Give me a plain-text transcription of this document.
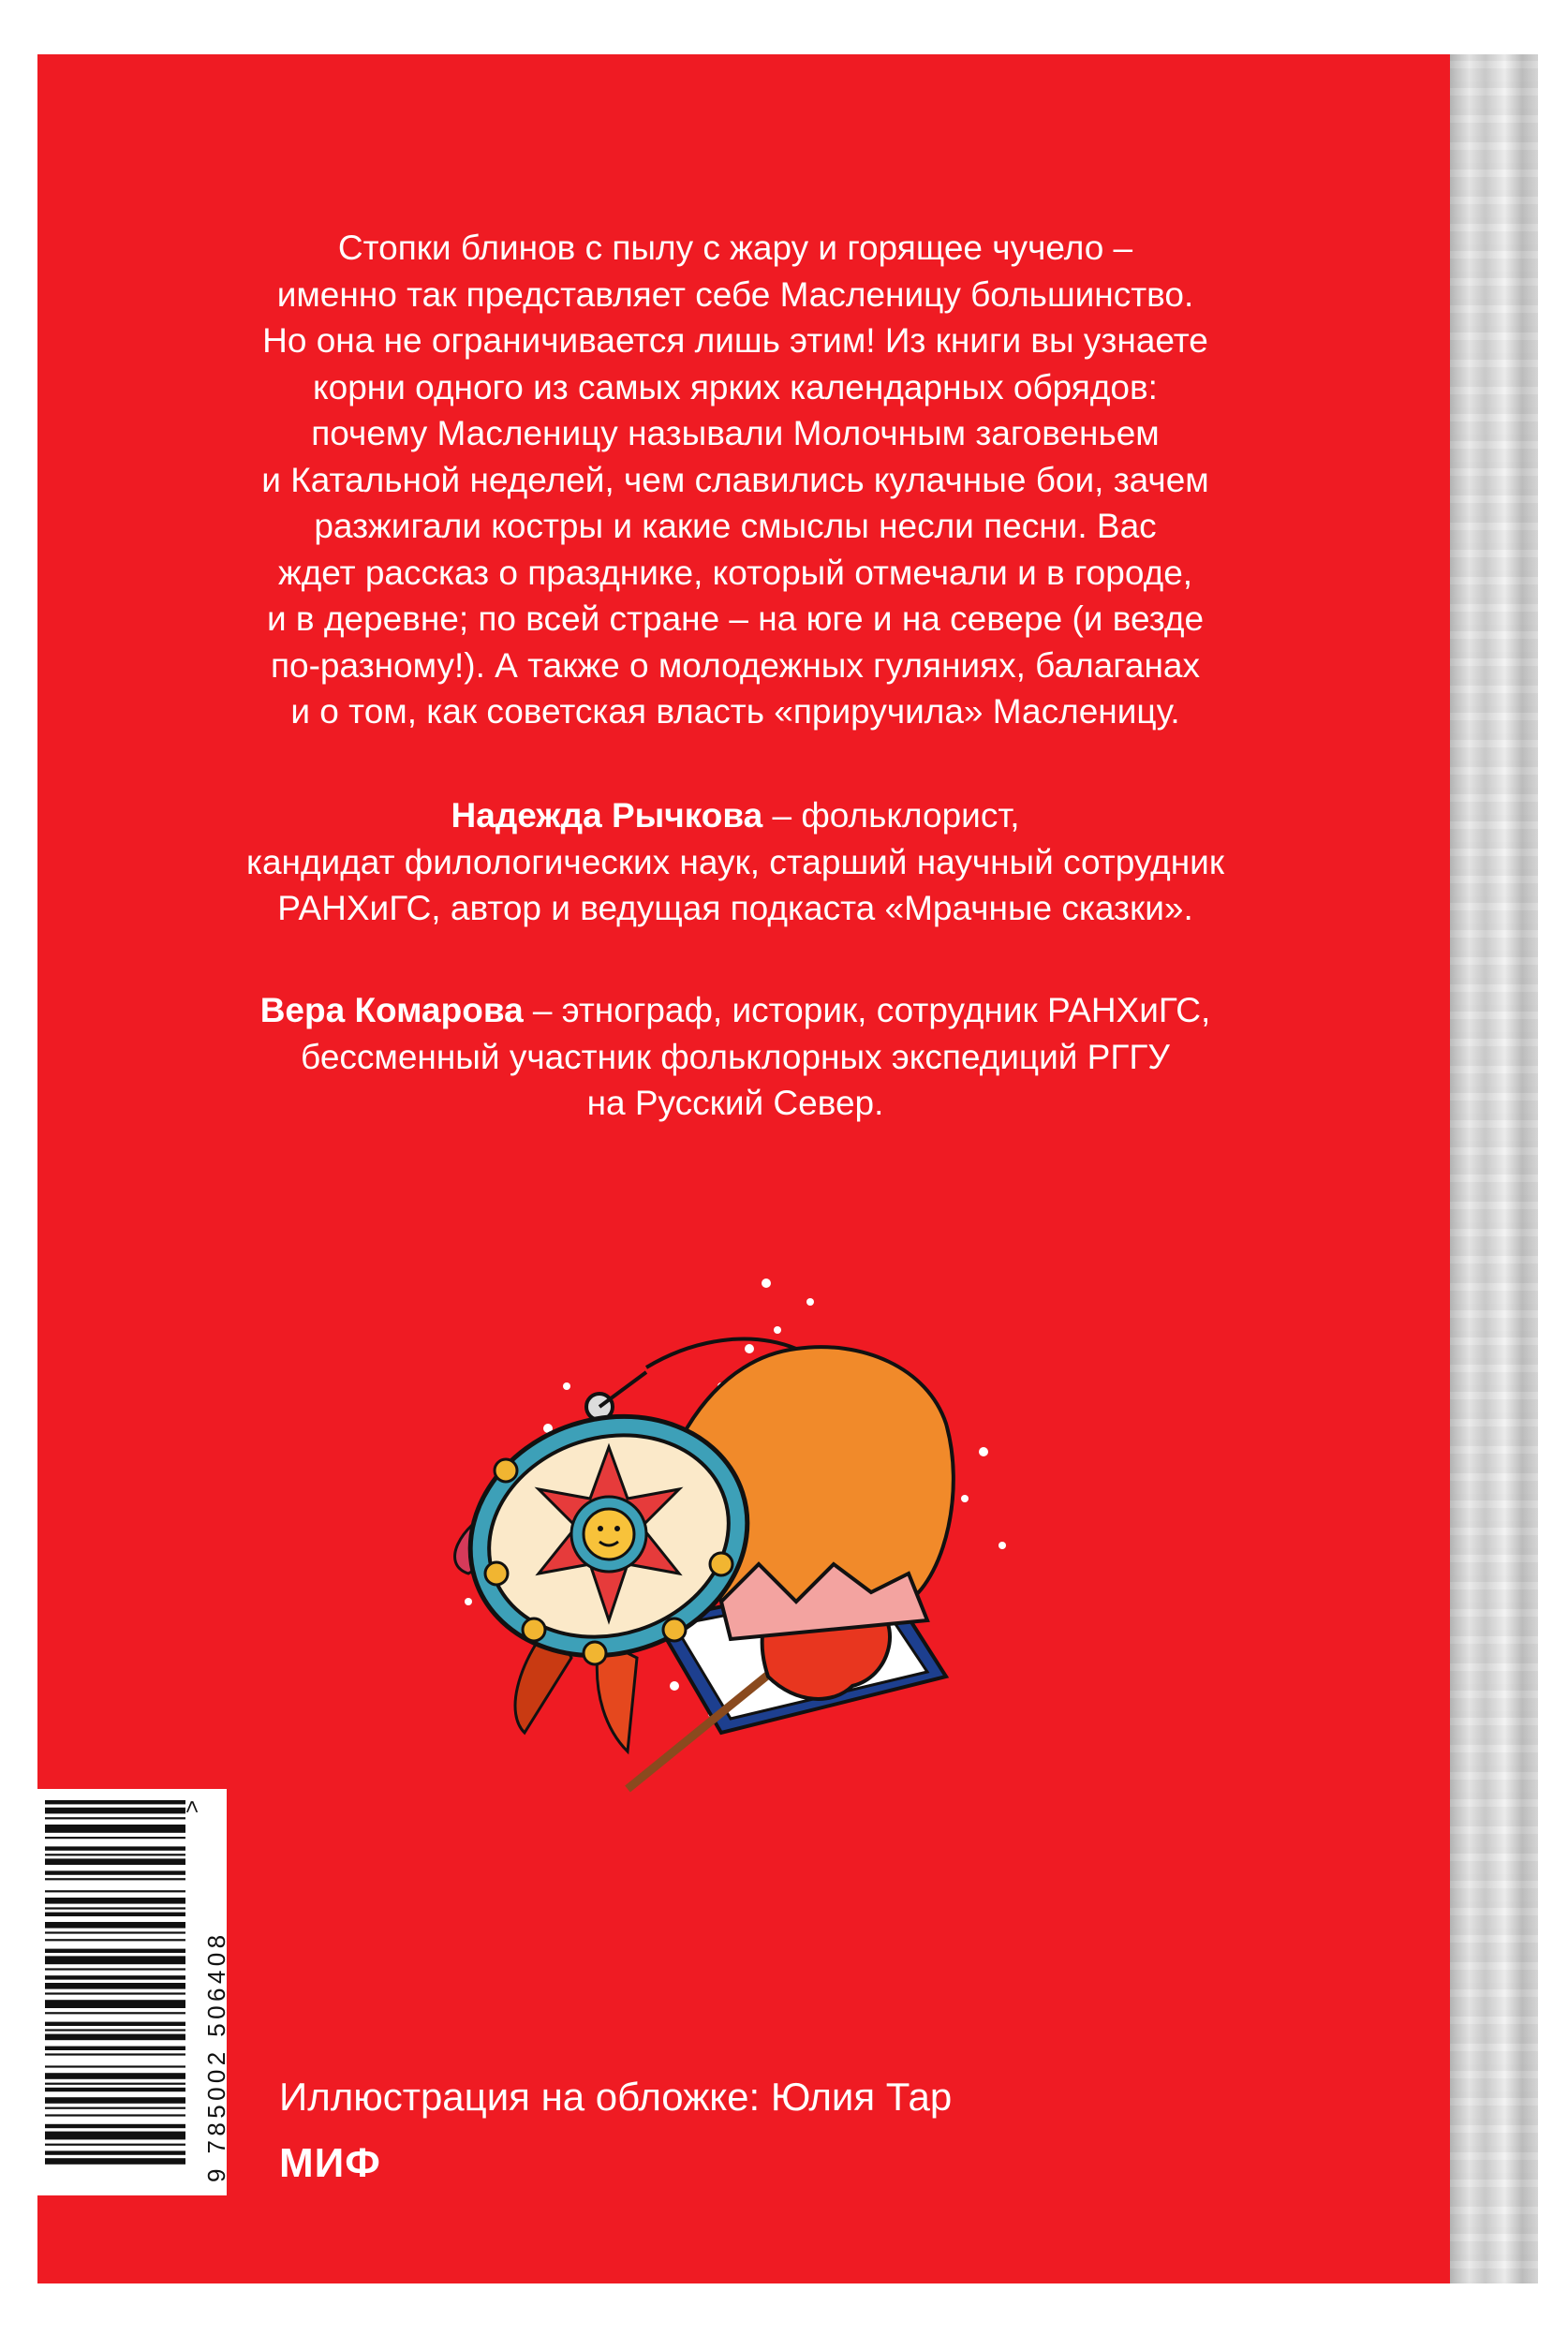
Стопки блинов с пылу с жару и горящее чучело –
именно так представляет себе Масленицу большинство.
Но она не ограничивается лишь этим! Из книги вы узнаете
корни одного из самых ярких календарных обрядов:
почему Масленицу называли Молочным заговеньем
и Катальной неделей, чем славились кулачные бои, зачем
разжигали костры и какие смыслы несли песни. Вас
ждет рассказ о празднике, который отмечали и в городе,
и в деревне; по всей стране – на юге и на севере (и везде
по-разному!). А также о молодежных гуляниях, балаганах
и о том, как советская власть «приручила» Масленицу.
Надежда Рычкова – фольклорист,
кандидат филологических наук, старший научный сотрудник
РАНХиГС, автор и ведущая подкаста «Мрачные сказки».
Вера Комарова – этнограф, историк, сотрудник РАНХиГС,
бессменный участник фольклорных экспедиций РГГУ
на Русский Север.
9 785002 506408
>
Иллюстрация на обложке: Юлия Тар
МИФ
